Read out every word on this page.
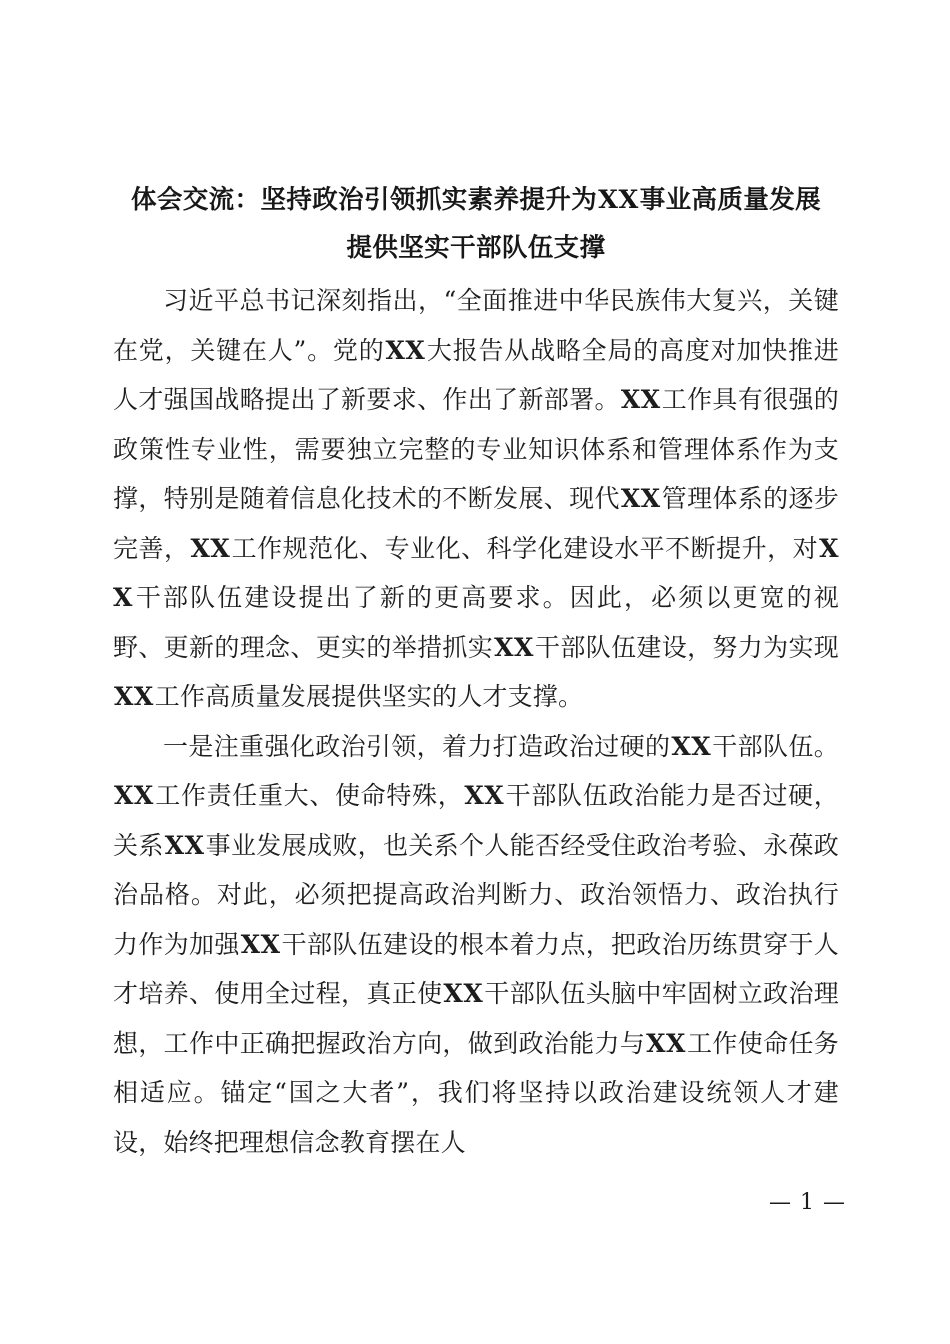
体会交流：坚持政治引领抓实素养提升为XX事业高质量发展
提供坚实干部队伍支撑

习近平总书记深刻指出，“全面推进中华民族伟大复兴，关键在党，关键在人”。党的XX大报告从战略全局的高度对加快推进人才强国战略提出了新要求、作出了新部署。XX工作具有很强的政策性专业性，需要独立完整的专业知识体系和管理体系作为支撑，特别是随着信息化技术的不断发展、现代XX管理体系的逐步完善，XX工作规范化、专业化、科学化建设水平不断提升，对XX干部队伍建设提出了新的更高要求。因此，必须以更宽的视野、更新的理念、更实的举措抓实XX干部队伍建设，努力为实现XX工作高质量发展提供坚实的人才支撑。

一是注重强化政治引领，着力打造政治过硬的XX干部队伍。XX工作责任重大、使命特殊，XX干部队伍政治能力是否过硬，关系XX事业发展成败，也关系个人能否经受住政治考验、永葆政治品格。对此，必须把提高政治判断力、政治领悟力、政治执行力作为加强XX干部队伍建设的根本着力点，把政治历练贯穿于人才培养、使用全过程，真正使XX干部队伍头脑中牢固树立政治理想，工作中正确把握政治方向，做到政治能力与XX工作使命任务相适应。锚定“国之大者”，我们将坚持以政治建设统领人才建设，始终把理想信念教育摆在人

— 1 —
